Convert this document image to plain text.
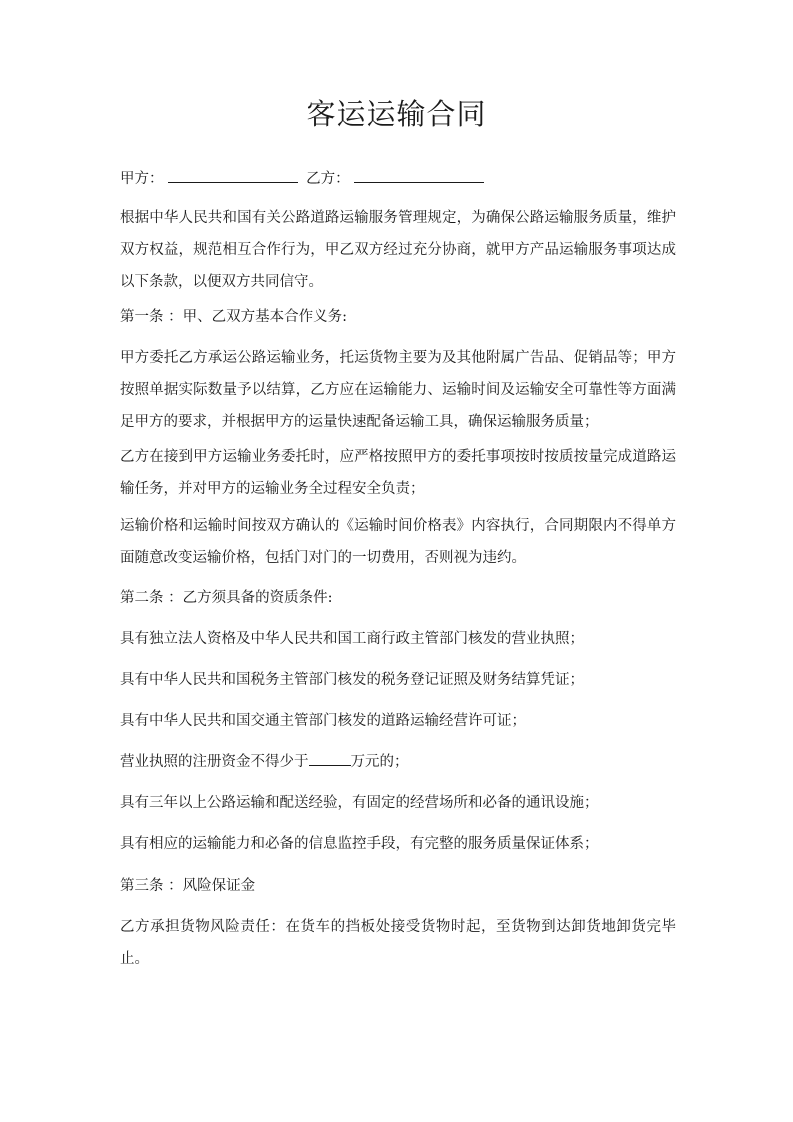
客运运输合同
甲方：	乙方：

根据中华人民共和国有关公路道路运输服务管理规定，为确保公路运输服务质量，维护双方权益，规范相互合作行为，甲乙双方经过充分协商，就甲方产品运输服务事项达成以下条款，以便双方共同信守。

第一条 ：甲、乙双方基本合作义务:

甲方委托乙方承运公路运输业务，托运货物主要为及其他附属广告品、促销品等；甲方按照单据实际数量予以结算，乙方应在运输能力、运输时间及运输安全可靠性等方面满足甲方的要求，并根据甲方的运量快速配备运输工具，确保运输服务质量；

乙方在接到甲方运输业务委托时，应严格按照甲方的委托事项按时按质按量完成道路运输任务，并对甲方的运输业务全过程安全负责；

运输价格和运输时间按双方确认的《运输时间价格表》内容执行，合同期限内不得单方面随意改变运输价格，包括门对门的一切费用，否则视为违约。

第二条 ：乙方须具备的资质条件:

具有独立法人资格及中华人民共和国工商行政主管部门核发的营业执照；

具有中华人民共和国税务主管部门核发的税务登记证照及财务结算凭证；

具有中华人民共和国交通主管部门核发的道路运输经营许可证；

营业执照的注册资金不得少于	万元的；

具有三年以上公路运输和配送经验，有固定的经营场所和必备的通讯设施；

具有相应的运输能力和必备的信息监控手段，有完整的服务质量保证体系；

第三条 ：风险保证金

乙方承担货物风险责任：在货车的挡板处接受货物时起，至货物到达卸货地卸货完毕止。
